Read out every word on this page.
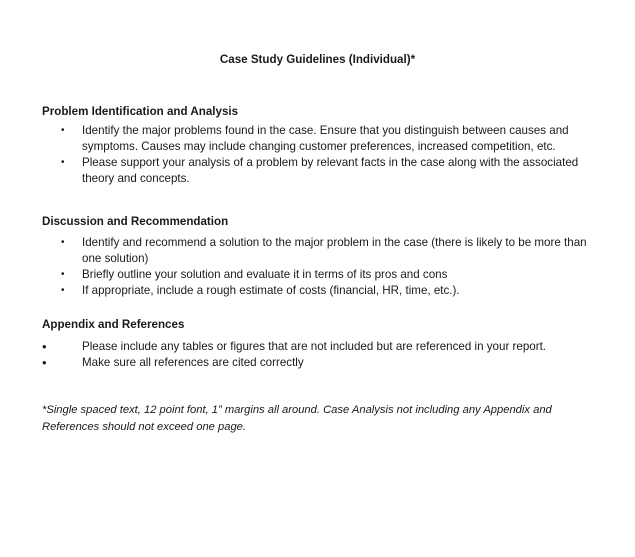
Case Study Guidelines (Individual)*
Problem Identification and Analysis
• Identify the major problems found in the case. Ensure that you distinguish between causes and symptoms. Causes may include changing customer preferences, increased competition, etc.
• Please support your analysis of a problem by relevant facts in the case along with the associated theory and concepts.
Discussion and Recommendation
• Identify and recommend a solution to the major problem in the case (there is likely to be more than one solution)
• Briefly outline your solution and evaluate it in terms of its pros and cons
• If appropriate, include a rough estimate of costs (financial, HR, time, etc.).
Appendix and References
•	Please include any tables or figures that are not included but are referenced in your report.
•	Make sure all references are cited correctly
*Single spaced text, 12 point font, 1” margins all around. Case Analysis not including any Appendix and References should not exceed one page.
